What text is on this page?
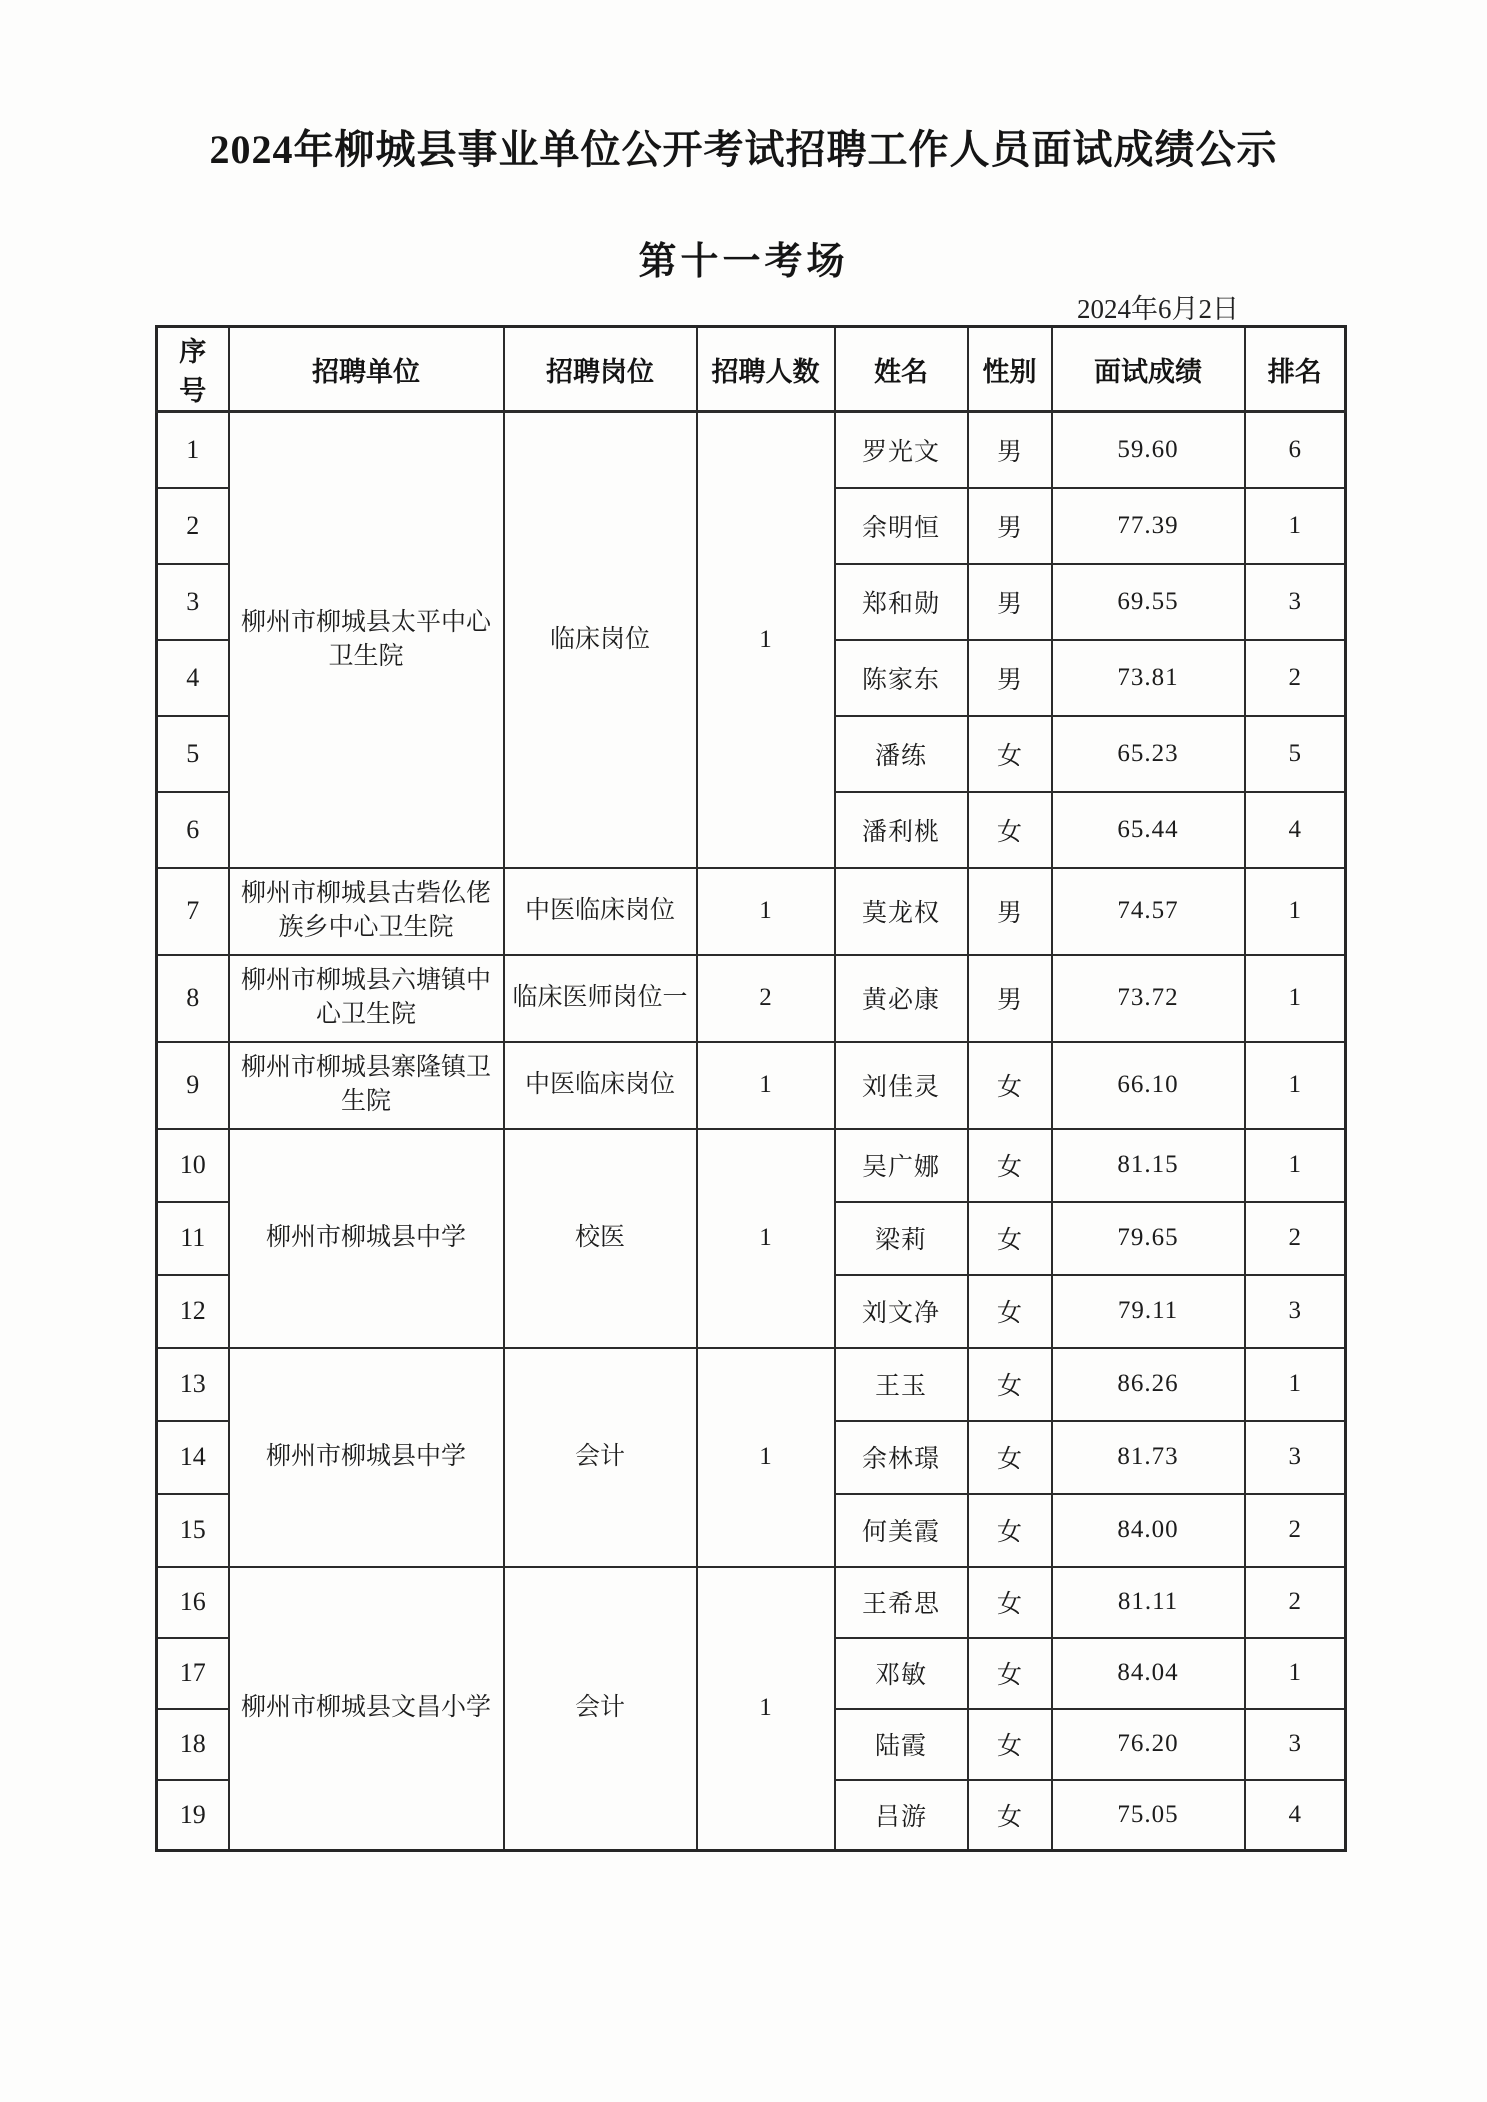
2024年柳城县事业单位公开考试招聘工作人员面试成绩公示
第十一考场
2024年6月2日
序号	招聘单位	招聘岗位	招聘人数	姓名	性别	面试成绩	排名
1	柳州市柳城县太平中心卫生院	临床岗位	1	罗光文	男	59.60	6
2				余明恒	男	77.39	1
3				郑和勋	男	69.55	3
4				陈家东	男	73.81	2
5				潘练	女	65.23	5
6				潘利桃	女	65.44	4
7	柳州市柳城县古砦仫佬族乡中心卫生院	中医临床岗位	1	莫龙权	男	74.57	1
8	柳州市柳城县六塘镇中心卫生院	临床医师岗位一	2	黄必康	男	73.72	1
9	柳州市柳城县寨隆镇卫生院	中医临床岗位	1	刘佳灵	女	66.10	1
10	柳州市柳城县中学	校医	1	吴广娜	女	81.15	1
11				梁莉	女	79.65	2
12				刘文净	女	79.11	3
13	柳州市柳城县中学	会计	1	王玉	女	86.26	1
14				余林璟	女	81.73	3
15				何美霞	女	84.00	2
16	柳州市柳城县文昌小学	会计	1	王希思	女	81.11	2
17				邓敏	女	84.04	1
18				陆霞	女	76.20	3
19				吕游	女	75.05	4
